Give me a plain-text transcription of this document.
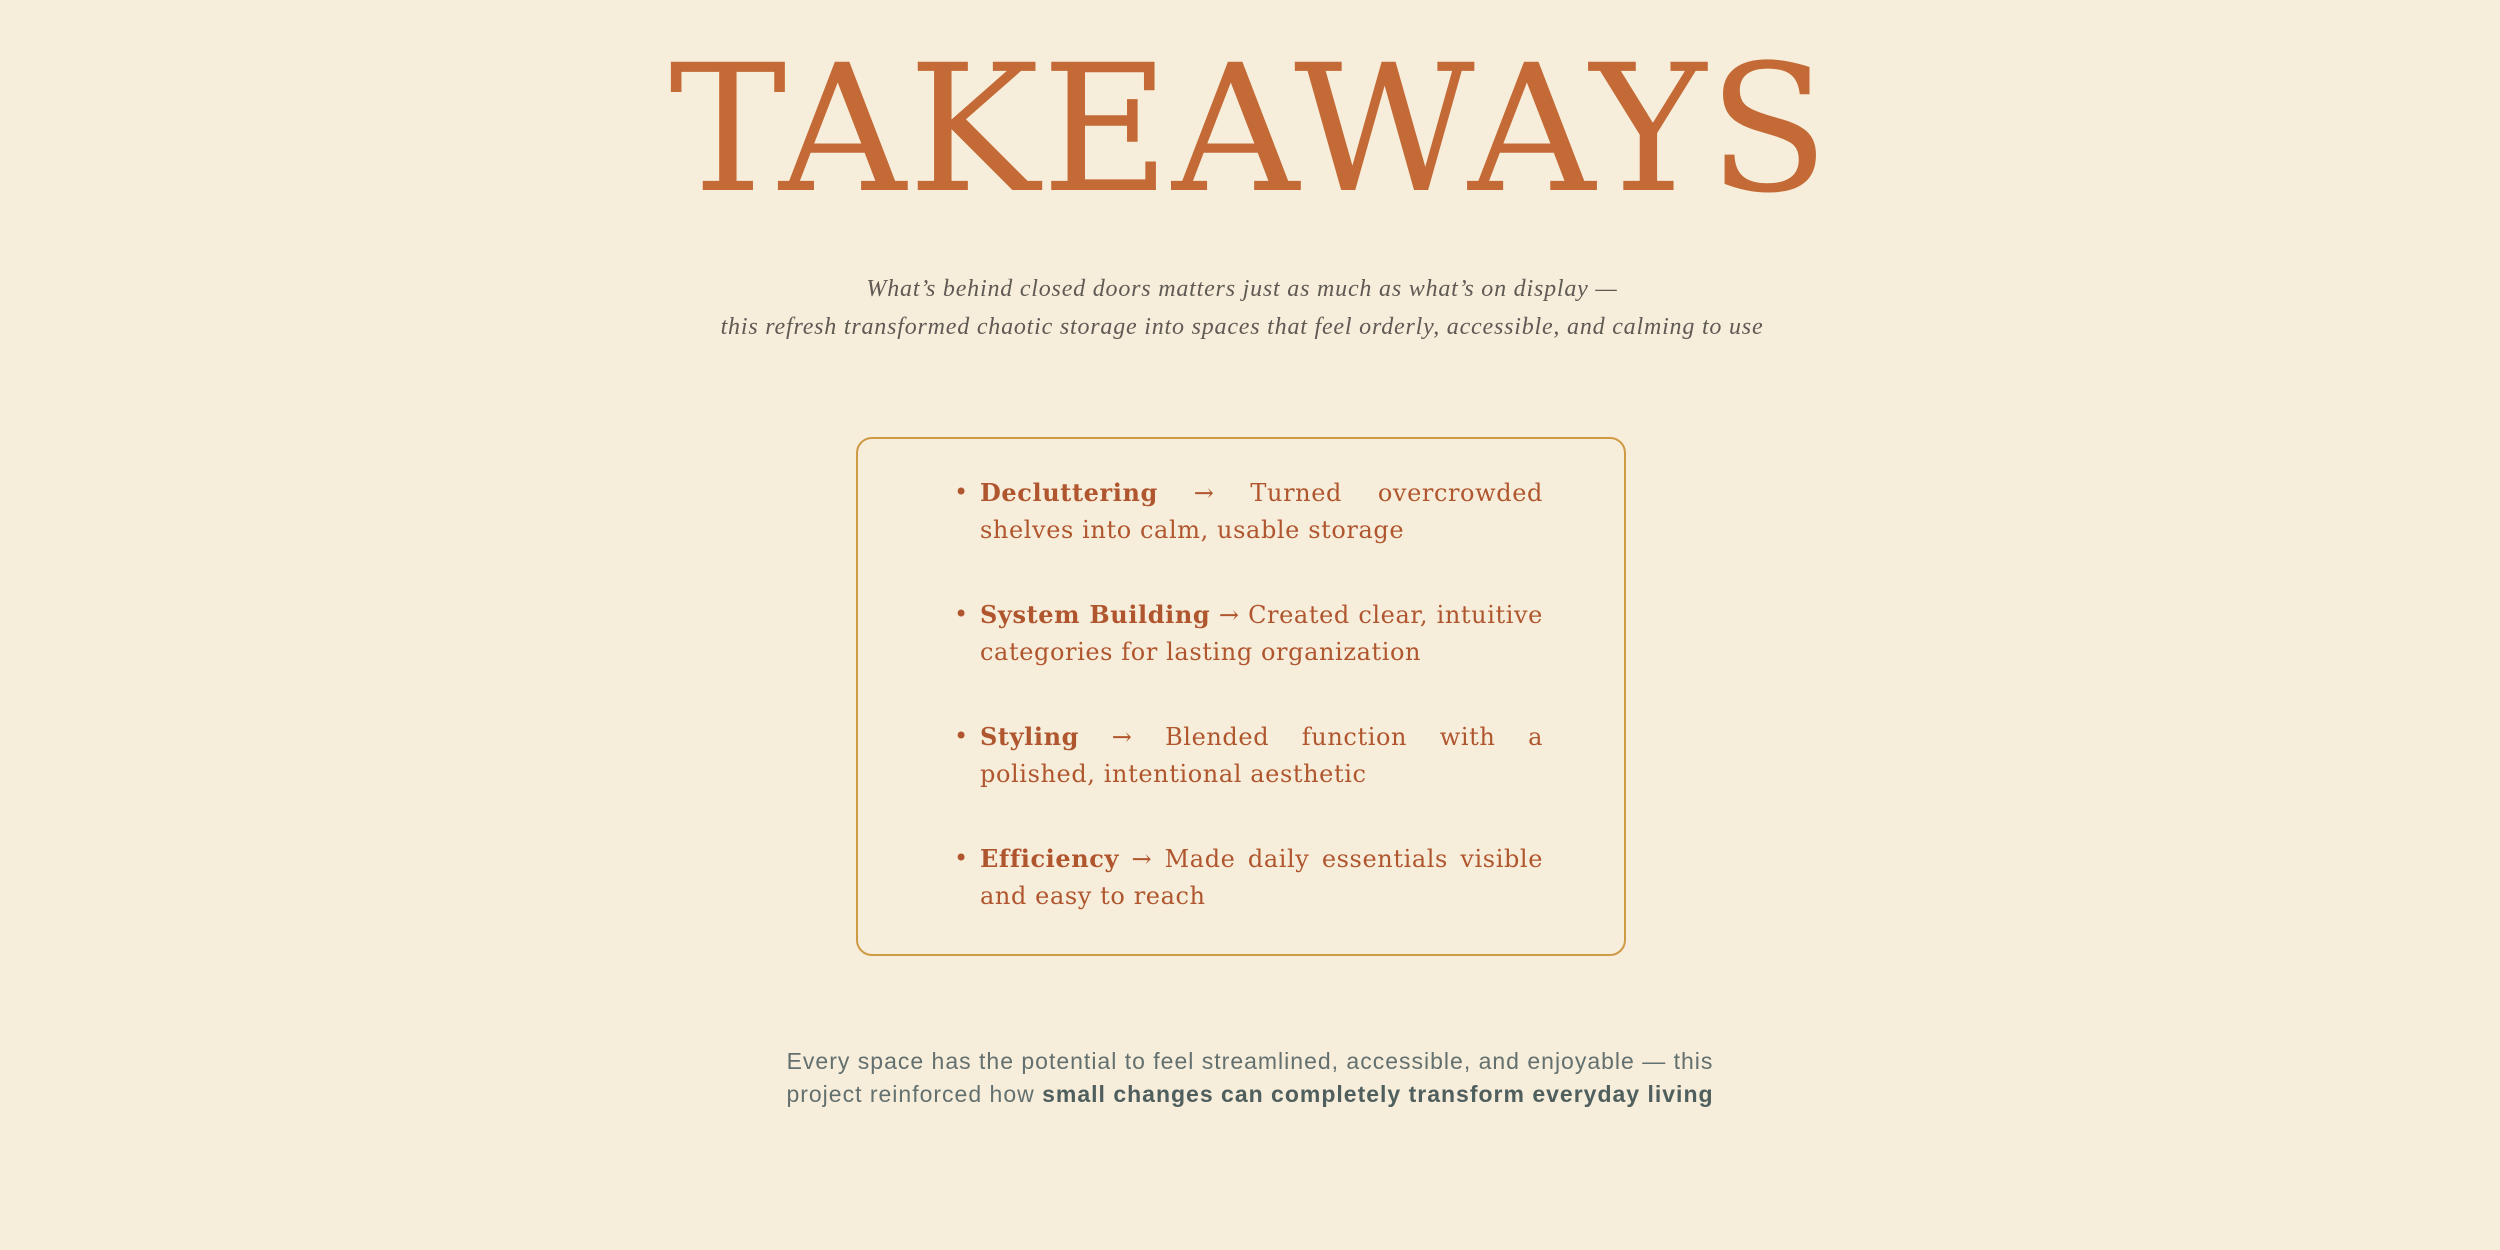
TAKEAWAYS
What’s behind closed doors matters just as much as what’s on display —
this refresh transformed chaotic storage into spaces that feel orderly, accessible, and calming to use
• Decluttering → Turned overcrowded shelves into calm, usable storage
• System Building → Created clear, intuitive categories for lasting organization
• Styling → Blended function with a polished, intentional aesthetic
• Efficiency → Made daily essentials visible and easy to reach
Every space has the potential to feel streamlined, accessible, and enjoyable — this
project reinforced how small changes can completely transform everyday living
